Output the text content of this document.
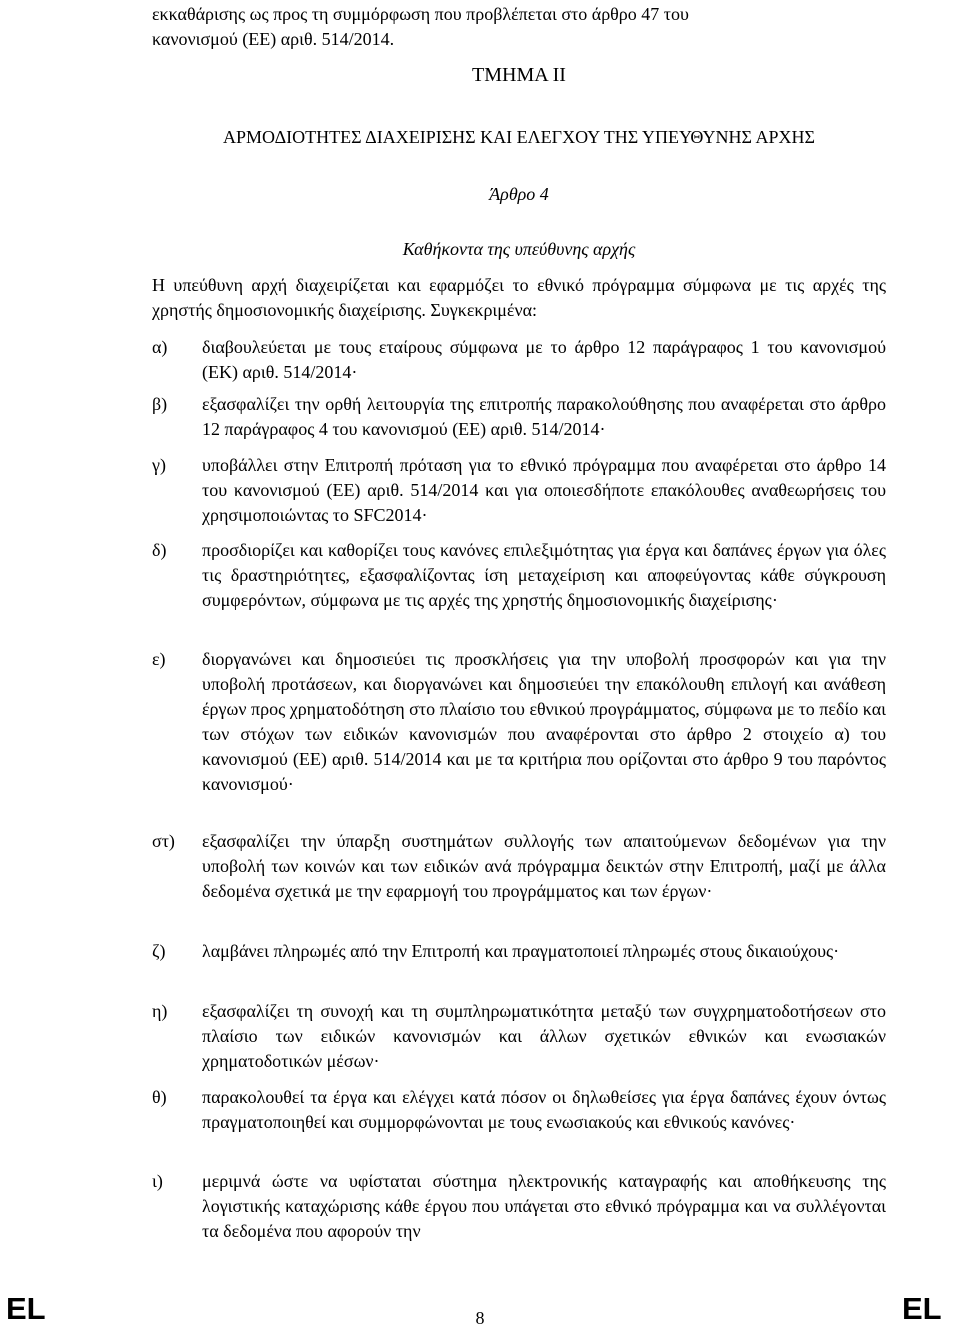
εκκαθάρισης ως προς τη συμμόρφωση που προβλέπεται στο άρθρο 47 του

κανονισμού (ΕΕ) αριθ. 514/2014.

ΤΜΗΜΑ II

ΑΡΜΟΔΙΟΤΗΤΕΣ ΔΙΑΧΕΙΡΙΣΗΣ ΚΑΙ ΕΛΕΓΧΟΥ ΤΗΣ ΥΠΕΥΘΥΝΗΣ ΑΡΧΗΣ

Άρθρο 4

Καθήκοντα της υπεύθυνης αρχής

Η υπεύθυνη αρχή διαχειρίζεται και εφαρμόζει το εθνικό πρόγραμμα σύμφωνα με τις αρχές της χρηστής δημοσιονομικής διαχείρισης. Συγκεκριμένα:

α)	διαβουλεύεται με τους εταίρους σύμφωνα με το άρθρο 12 παράγραφος 1 του κανονισμού (ΕΚ) αριθ. 514/2014·
β)	εξασφαλίζει την ορθή λειτουργία της επιτροπής παρακολούθησης που αναφέρεται στο άρθρο 12 παράγραφος 4 του κανονισμού (ΕΕ) αριθ. 514/2014·
γ)	υποβάλλει στην Επιτροπή πρόταση για το εθνικό πρόγραμμα που αναφέρεται στο άρθρο 14 του κανονισμού (ΕΕ) αριθ. 514/2014 και για οποιεσδήποτε επακόλουθες αναθεωρήσεις του χρησιμοποιώντας το SFC2014·
δ)	προσδιορίζει και καθορίζει τους κανόνες επιλεξιμότητας για έργα και δαπάνες έργων για όλες τις δραστηριότητες, εξασφαλίζοντας ίση μεταχείριση και αποφεύγοντας κάθε σύγκρουση συμφερόντων, σύμφωνα με τις αρχές της χρηστής δημοσιονομικής διαχείρισης·
ε)	διοργανώνει και δημοσιεύει τις προσκλήσεις για την υποβολή προσφορών και για την υποβολή προτάσεων, και διοργανώνει και δημοσιεύει την επακόλουθη επιλογή και ανάθεση έργων προς χρηματοδότηση στο πλαίσιο του εθνικού προγράμματος, σύμφωνα με το πεδίο και των στόχων των ειδικών κανονισμών που αναφέρονται στο άρθρο 2 στοιχείο α) του κανονισμού (ΕΕ) αριθ. 514/2014 και με τα κριτήρια που ορίζονται στο άρθρο 9 του παρόντος κανονισμού·
στ)	εξασφαλίζει την ύπαρξη συστημάτων συλλογής των απαιτούμενων δεδομένων για την υποβολή των κοινών και των ειδικών ανά πρόγραμμα δεικτών στην Επιτροπή, μαζί με άλλα δεδομένα σχετικά με την εφαρμογή του προγράμματος και των έργων·
ζ)	λαμβάνει πληρωμές από την Επιτροπή και πραγματοποιεί πληρωμές στους δικαιούχους·
η)	εξασφαλίζει τη συνοχή και τη συμπληρωματικότητα μεταξύ των συγχρηματοδοτήσεων στο πλαίσιο των ειδικών κανονισμών και άλλων σχετικών εθνικών και ενωσιακών χρηματοδοτικών μέσων·
θ)	παρακολουθεί τα έργα και ελέγχει κατά πόσον οι δηλωθείσες για έργα δαπάνες έχουν όντως πραγματοποιηθεί και συμμορφώνονται με τους ενωσιακούς και εθνικούς κανόνες·
ι)	μεριμνά ώστε να υφίσταται σύστημα ηλεκτρονικής καταγραφής και αποθήκευσης της λογιστικής καταχώρισης κάθε έργου που υπάγεται στο εθνικό πρόγραμμα και να συλλέγονται τα δεδομένα που αφορούν την
EL	8	EL
